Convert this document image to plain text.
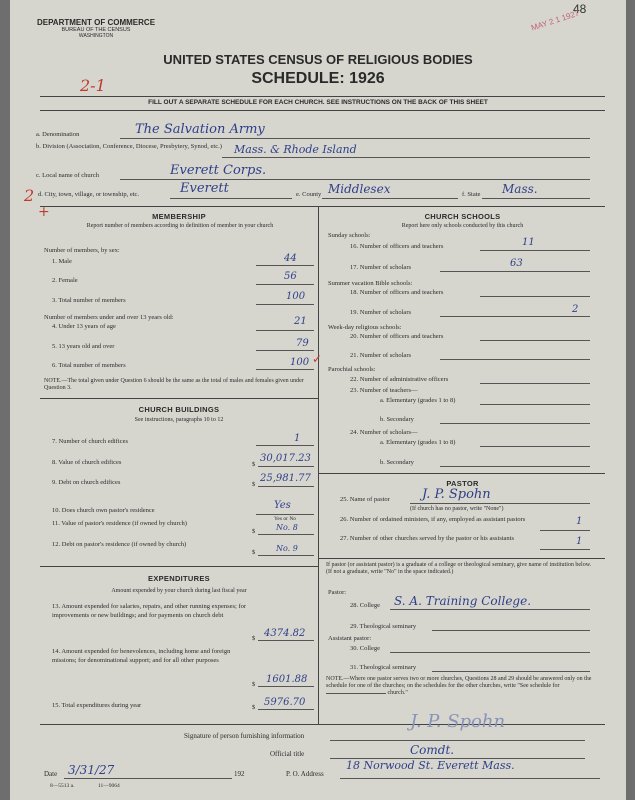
DEPARTMENT OF COMMERCE
BUREAU OF THE CENSUS
WASHINGTON
48
MAY 2 1 1927
UNITED STATES CENSUS OF RELIGIOUS BODIES
SCHEDULE: 1926
2-1
FILL OUT A SEPARATE SCHEDULE FOR EACH CHURCH. SEE INSTRUCTIONS ON THE BACK OF THIS SHEET
a. Denomination	The Salvation Army
b. Division (Association, Conference, Diocese, Presbytery, Synod, etc.)	Mass. & Rhode Island
c. Local name of church	Everett Corps.
2
+
d. City, town, village, or township, etc.	Everett	e. County Middlesex	f. State Mass.
MEMBERSHIP
Report number of members according to definition of member in your church
Number of members, by sex:
1. Male	44
2. Female	56
3. Total number of members	100
Number of members under and over 13 years old:
4. Under 13 years of age	21
5. 13 years old and over	79
6. Total number of members	100 ✓
NOTE.—The total given under Question 6 should be the same as the total of males and females given under Question 3.
CHURCH BUILDINGS
See instructions, paragraphs 10 to 12
7. Number of church edifices	1
8. Value of church edifices	$
30,017.23
9. Debt on church edifices	$
25,981.77
10. Does church own pastor's residence	Yes
Yes or No
11. Value of pastor's residence (if owned by church)
$	No. 8
12. Debt on pastor's residence (if owned by church)
$	No. 9
EXPENDITURES
Amount expended by your church during last fiscal year
13. Amount expended for salaries, repairs, and other running expenses; for improvements or new buildings; and for payments on church debt
$ 4374.82
14. Amount expended for benevolences, including home and foreign missions; for denominational support; and for all other purposes
$ 1601.88
15. Total expenditures during year	$ 5976.70
CHURCH SCHOOLS
Report here only schools conducted by this church
Sunday schools:
16. Number of officers and teachers	11
17. Number of scholars	63
Summer vacation Bible schools:
18. Number of officers and teachers
19. Number of scholars	2
Week-day religious schools:
20. Number of officers and teachers
21. Number of scholars
Parochial schools:
22. Number of administrative officers
23. Number of teachers—
a. Elementary (grades 1 to 8)
b. Secondary
24. Number of scholars—
a. Elementary (grades 1 to 8)
b. Secondary
PASTOR
25. Name of pastor J. P. Spohn
(If church has no pastor, write "None")
26. Number of ordained ministers, if any, employed as assistant pastors	1
27. Number of other churches served by the pastor or his assistants	1
If pastor (or assistant pastor) is a graduate of a college or theological seminary, give name of institution below. (If not a graduate, write "No" in the space indicated.)
Pastor:
28. College S. A. Training College.
29. Theological seminary
Assistant pastor:
30. College
31. Theological seminary
NOTE.—Where one pastor serves two or more churches, Questions 28 and 29 should be answered only on the schedule for one of the churches; on the schedules for the other churches, write "See schedule for  church."
Signature of person furnishing information
J. P. Spohn
Official title	Comdt.
Date 3/31/27	192	P. O. Address
18 Norwood St. Everett Mass.
8—5513 a.	11—9064
